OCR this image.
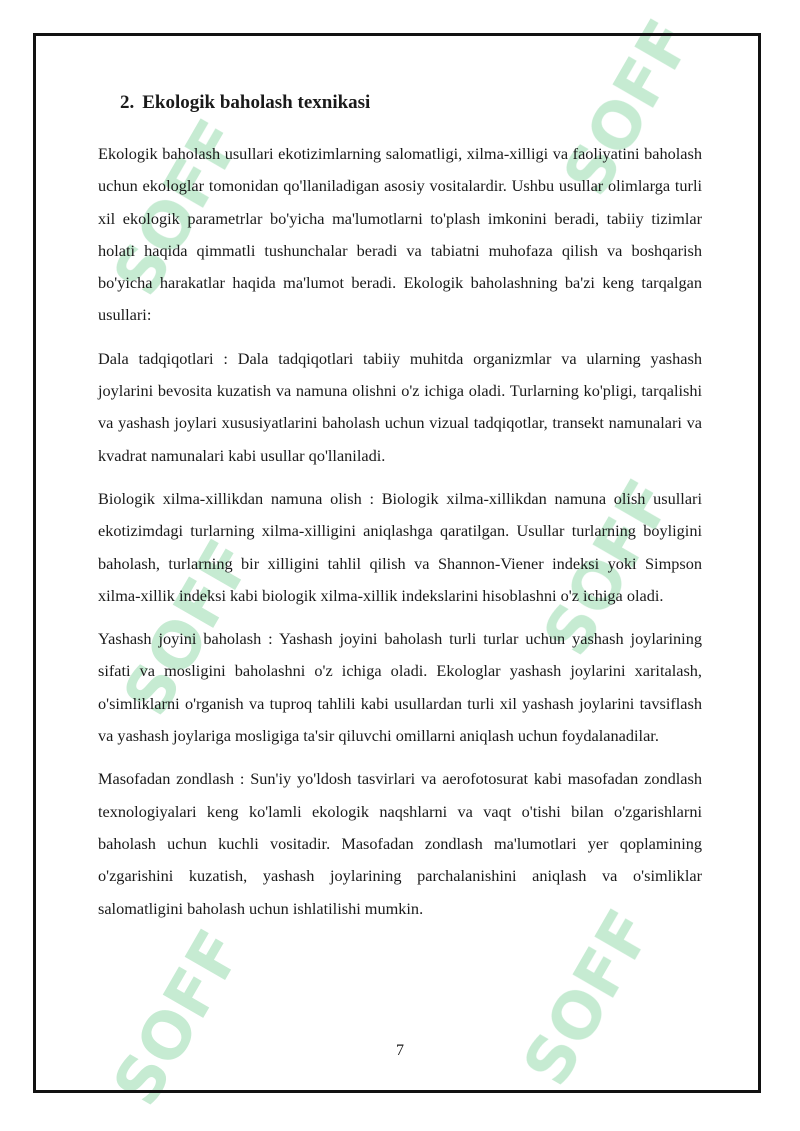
SOFF
SOFF
SOFF	SOFF
SOFF	SOFF
2. Ekologik baholash texnikasi

Ekologik baholash usullari ekotizimlarning salomatligi, xilma-xilligi va faoliyatini baholash uchun ekologlar tomonidan qo'llaniladigan asosiy vositalardir. Ushbu usullar olimlarga turli xil ekologik parametrlar bo'yicha ma'lumotlarni to'plash imkonini beradi, tabiiy tizimlar holati haqida qimmatli tushunchalar beradi va tabiatni muhofaza qilish va boshqarish bo'yicha harakatlar haqida ma'lumot beradi. Ekologik baholashning ba'zi keng tarqalgan usullari:

Dala tadqiqotlari : Dala tadqiqotlari tabiiy muhitda organizmlar va ularning yashash joylarini bevosita kuzatish va namuna olishni o'z ichiga oladi. Turlarning ko'pligi, tarqalishi va yashash joylari xususiyatlarini baholash uchun vizual tadqiqotlar, transekt namunalari va kvadrat namunalari kabi usullar qo'llaniladi.

Biologik xilma-xillikdan namuna olish : Biologik xilma-xillikdan namuna olish usullari ekotizimdagi turlarning xilma-xilligini aniqlashga qaratilgan. Usullar turlarning boyligini baholash, turlarning bir xilligini tahlil qilish va Shannon-Viener indeksi yoki Simpson xilma-xillik indeksi kabi biologik xilma-xillik indekslarini hisoblashni o'z ichiga oladi.

Yashash joyini baholash : Yashash joyini baholash turli turlar uchun yashash joylarining sifati va mosligini baholashni o'z ichiga oladi. Ekologlar yashash joylarini xaritalash, o'simliklarni o'rganish va tuproq tahlili kabi usullardan turli xil yashash joylarini tavsiflash va yashash joylariga mosligiga ta'sir qiluvchi omillarni aniqlash uchun foydalanadilar.

Masofadan zondlash : Sun'iy yo'ldosh tasvirlari va aerofotosurat kabi masofadan zondlash texnologiyalari keng ko'lamli ekologik naqshlarni va vaqt o'tishi bilan o'zgarishlarni baholash uchun kuchli vositadir. Masofadan zondlash ma'lumotlari yer qoplamining o'zgarishini kuzatish, yashash joylarining parchalanishini aniqlash va o'simliklar salomatligini baholash uchun ishlatilishi mumkin.

7
